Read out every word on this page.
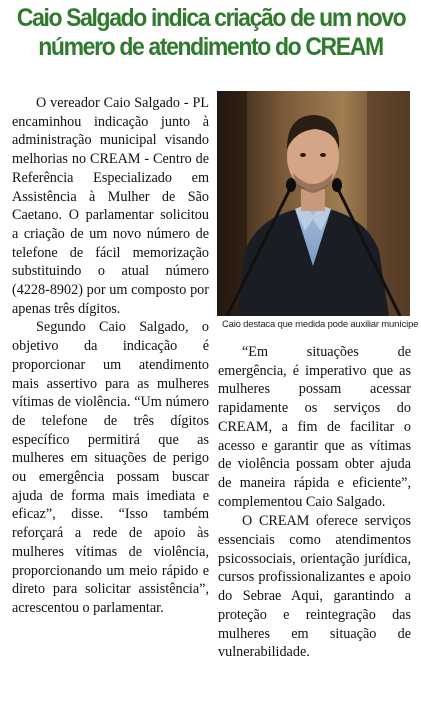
Caio Salgado indica criação de um novo
número de atendimento do CREAM

O vereador Caio Salgado - PL encaminhou indicação junto à administração municipal visando melhorias no CREAM - Centro de Referência Especializado em Assistência à Mulher de São Caetano. O parlamentar solicitou a criação de um novo número de telefone de fácil memorização substituindo o atual número (4228-8902) por um composto por apenas três dígitos.

Segundo Caio Salgado, o objetivo da indicação é proporcionar um atendimento mais assertivo para as mulheres vítimas de violência. “Um número de telefone de três dígitos específico permitirá que as mulheres em situações de perigo ou emergência possam buscar ajuda de forma mais imediata e eficaz”, disse. “Isso também reforçará a rede de apoio às mulheres vítimas de violência, proporcionando um meio rápido e direto para solicitar assistência”, acrescentou o parlamentar.

Caio destaca que medida pode auxiliar munícipe

“Em situações de emergência, é imperativo que as mulheres possam acessar rapidamente os serviços do CREAM, a fim de facilitar o acesso e garantir que as vítimas de violência possam obter ajuda de maneira rápida e eficiente”, complementou Caio Salgado.

O CREAM oferece serviços essenciais como atendimentos psicossociais, orientação jurídica, cursos profissionalizantes e apoio do Sebrae Aqui, garantindo a proteção e reintegração das mulheres em situação de vulnerabilidade.
